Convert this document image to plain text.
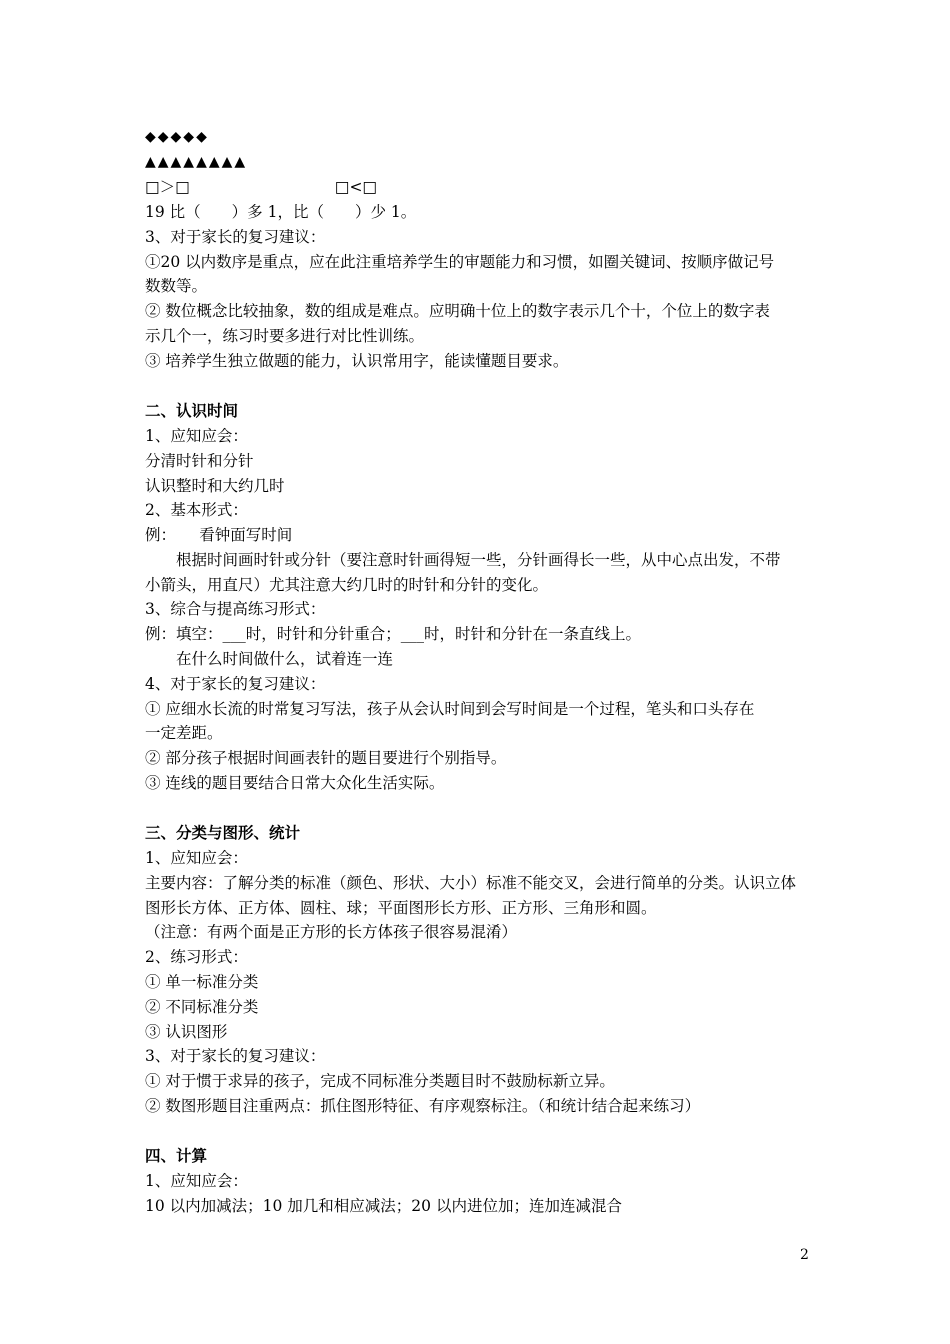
◆◆◆◆◆
▲▲▲▲▲▲▲▲
□＞□	□<□
19 比（　　）多 1，比（　　）少 1。
3、对于家长的复习建议：
①20 以内数序是重点，应在此注重培养学生的审题能力和习惯，如圈关键词、按顺序做记号
数数等。
② 数位概念比较抽象，数的组成是难点。应明确十位上的数字表示几个十，个位上的数字表
示几个一，练习时要多进行对比性训练。
③ 培养学生独立做题的能力，认识常用字，能读懂题目要求。
二、认识时间
1、应知应会：
分清时针和分针
认识整时和大约几时
2、基本形式：
例：　　看钟面写时间
　　根据时间画时针或分针（要注意时针画得短一些，分针画得长一些，从中心点出发，不带
小箭头，用直尺）尤其注意大约几时的时针和分针的变化。
3、综合与提高练习形式：
例：填空：___时，时针和分针重合；___时，时针和分针在一条直线上。
　　在什么时间做什么，试着连一连
4、对于家长的复习建议：
① 应细水长流的时常复习写法，孩子从会认时间到会写时间是一个过程，笔头和口头存在
一定差距。
② 部分孩子根据时间画表针的题目要进行个别指导。
③ 连线的题目要结合日常大众化生活实际。
三、分类与图形、统计
1、应知应会：
主要内容：了解分类的标准（颜色、形状、大小）标准不能交叉，会进行简单的分类。认识立体
图形长方体、正方体、圆柱、球；平面图形长方形、正方形、三角形和圆。
（注意：有两个面是正方形的长方体孩子很容易混淆）
2、练习形式：
① 单一标准分类
② 不同标准分类
③ 认识图形
3、对于家长的复习建议：
① 对于惯于求异的孩子，完成不同标准分类题目时不鼓励标新立异。
② 数图形题目注重两点：抓住图形特征、有序观察标注。（和统计结合起来练习）
四、计算
1、应知应会：
10 以内加减法；10 加几和相应减法；20 以内进位加；连加连减混合
2
